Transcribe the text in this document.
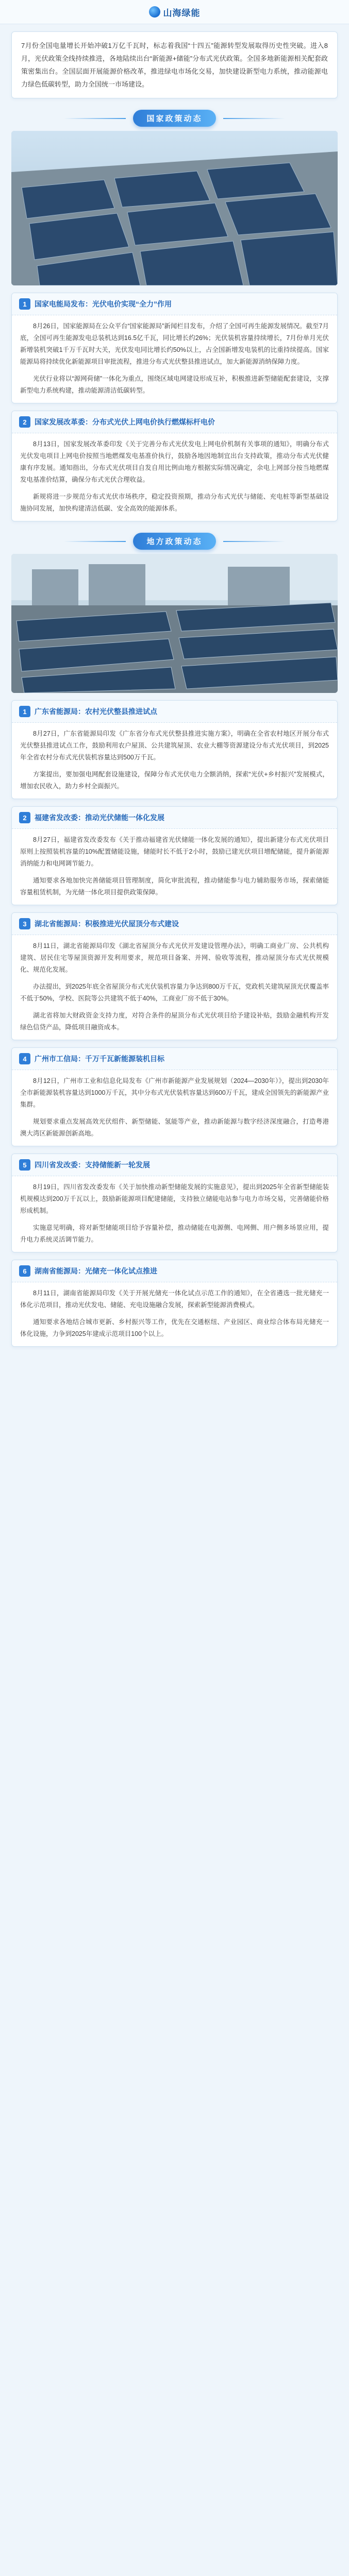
山海绿能
7月份全国电量增长开始冲破1万亿千瓦时，标志着我国“十四五”能源转型发展取得历史性突破。进入8月，光伏政策全线持续推进，各地陆续出台“新能源+储能”分布式光伏政策。全国多地新能源相关配套政策密集出台。全国层面开展能源价格改革，推进绿电市场化交易，加快建设新型电力系统，推动能源电力绿色低碳转型，助力全国统一市场建设。
国家政策动态
1	国家电能局发布：光伏电价实现“全力”作用

8月26日，国家能源局在公众平台“国家能源局”新闻栏目发布，介绍了全国可再生能源发展情况。截至7月底，全国可再生能源发电总装机达到16.5亿千瓦，同比增长约26%；光伏装机容量持续增长，7月份单月光伏新增装机突破1千万千瓦时大关，光伏发电同比增长约50%以上，占全国新增发电装机的比重持续提高。国家能源局将持续优化新能源项目审批流程，推进分布式光伏整县推进试点，加大新能源消纳保障力度。

光伏行业将以“源网荷储”一体化为重点，围绕区域电网建设形成互补，积极推进新型储能配套建设，支撑新型电力系统构建，推动能源清洁低碳转型。

2	国家发展改革委：分布式光伏上网电价执行燃煤标杆电价

8月13日，国家发展改革委印发《关于完善分布式光伏发电上网电价机制有关事项的通知》，明确分布式光伏发电项目上网电价按照当地燃煤发电基准价执行，鼓励各地因地制宜出台支持政策，推动分布式光伏健康有序发展。通知指出，分布式光伏项目自发自用比例由地方根据实际情况确定，余电上网部分按当地燃煤发电基准价结算，确保分布式光伏合理收益。

新规将进一步规范分布式光伏市场秩序，稳定投资预期，推动分布式光伏与储能、充电桩等新型基础设施协同发展，加快构建清洁低碳、安全高效的能源体系。

地方政策动态
1	广东省能源局：农村光伏整县推进试点

8月27日，广东省能源局印发《广东省分布式光伏整县推进实施方案》，明确在全省农村地区开展分布式光伏整县推进试点工作，鼓励利用农户屋顶、公共建筑屋顶、农业大棚等资源建设分布式光伏项目，到2025年全省农村分布式光伏装机容量达到500万千瓦。

方案提出，要加强电网配套设施建设，保障分布式光伏电力全额消纳，探索“光伏+乡村振兴”发展模式，增加农民收入，助力乡村全面振兴。

2	福建省发改委：推动光伏储能一体化发展

8月27日，福建省发改委发布《关于推动福建省光伏储能一体化发展的通知》，提出新建分布式光伏项目原则上按照装机容量的10%配置储能设施，储能时长不低于2小时，鼓励已建光伏项目增配储能，提升新能源消纳能力和电网调节能力。

通知要求各地加快完善储能项目管理制度，简化审批流程，推动储能参与电力辅助服务市场，探索储能容量租赁机制，为光储一体化项目提供政策保障。

3	湖北省能源局：积极推进光伏屋顶分布式建设

8月11日，湖北省能源局印发《湖北省屋顶分布式光伏开发建设管理办法》，明确工商业厂房、公共机构建筑、居民住宅等屋顶资源开发利用要求，规范项目备案、并网、验收等流程，推动屋顶分布式光伏规模化、规范化发展。

办法提出，到2025年底全省屋顶分布式光伏装机容量力争达到800万千瓦，党政机关建筑屋顶光伏覆盖率不低于50%，学校、医院等公共建筑不低于40%，工商业厂房不低于30%。

湖北省将加大财政资金支持力度，对符合条件的屋顶分布式光伏项目给予建设补贴，鼓励金融机构开发绿色信贷产品，降低项目融资成本。

4	广州市工信局：千万千瓦新能源装机目标

8月12日，广州市工业和信息化局发布《广州市新能源产业发展规划（2024—2030年）》，提出到2030年全市新能源装机容量达到1000万千瓦，其中分布式光伏装机容量达到600万千瓦，建成全国领先的新能源产业集群。

规划要求重点发展高效光伏组件、新型储能、氢能等产业，推动新能源与数字经济深度融合，打造粤港澳大湾区新能源创新高地。

5	四川省发改委：支持储能新一轮发展

8月19日，四川省发改委发布《关于加快推动新型储能发展的实施意见》，提出到2025年全省新型储能装机规模达到200万千瓦以上，鼓励新能源项目配建储能，支持独立储能电站参与电力市场交易，完善储能价格形成机制。

实施意见明确，将对新型储能项目给予容量补偿，推动储能在电源侧、电网侧、用户侧多场景应用，提升电力系统灵活调节能力。

6	湖南省能源局：光储充一体化试点推进

8月11日，湖南省能源局印发《关于开展光储充一体化试点示范工作的通知》，在全省遴选一批光储充一体化示范项目，推动光伏发电、储能、充电设施融合发展，探索新型能源消费模式。

通知要求各地结合城市更新、乡村振兴等工作，优先在交通枢纽、产业园区、商业综合体布局光储充一体化设施，力争到2025年建成示范项目100个以上。
